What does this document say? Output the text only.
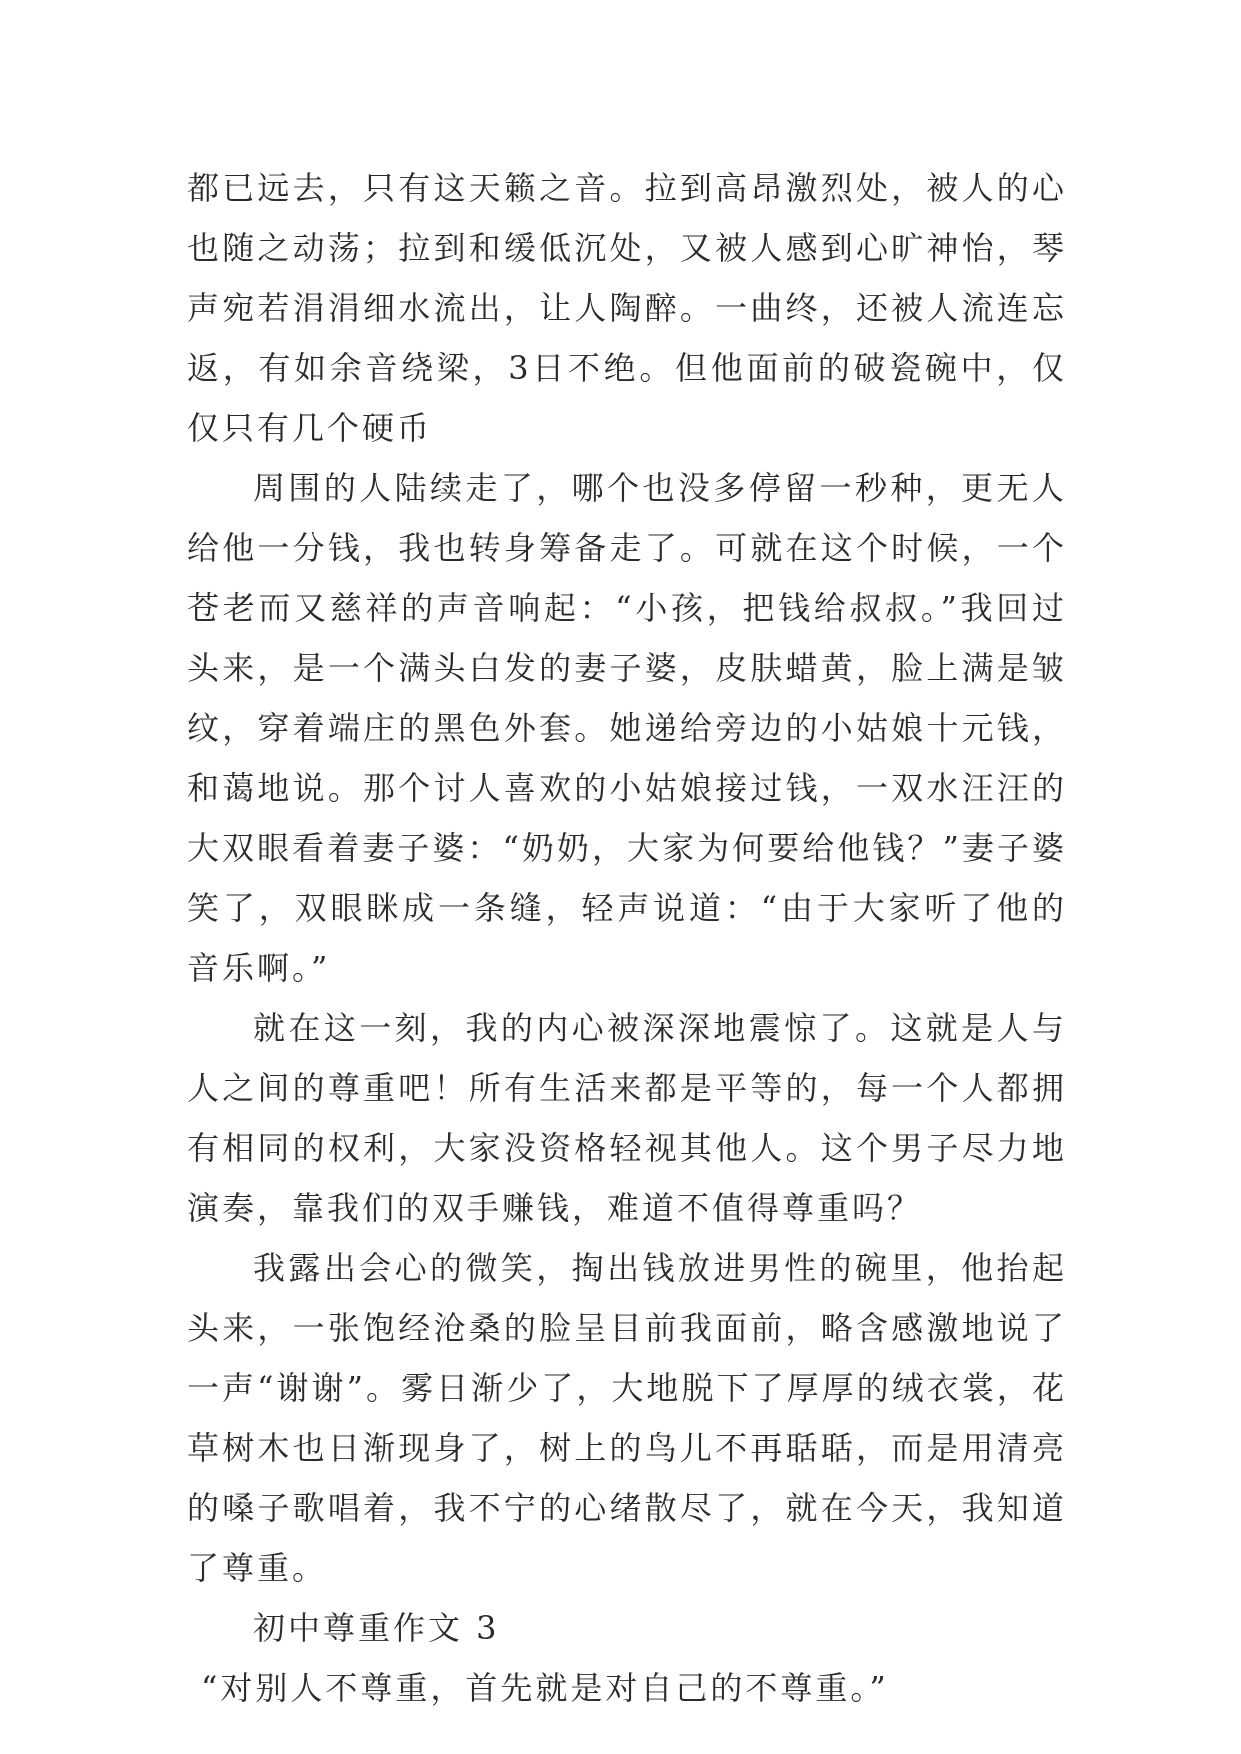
都已远去，只有这天籁之音。拉到高昂激烈处，被人的心也随之动荡；拉到和缓低沉处，又被人感到心旷神怡，琴声宛若涓涓细水流出，让人陶醉。一曲终，还被人流连忘返，有如余音绕梁，3日不绝。但他面前的破瓷碗中，仅仅只有几个硬币

周围的人陆续走了，哪个也没多停留一秒种，更无人给他一分钱，我也转身筹备走了。可就在这个时候，一个苍老而又慈祥的声音响起：“小孩，把钱给叔叔。”我回过头来，是一个满头白发的妻子婆，皮肤蜡黄，脸上满是皱纹，穿着端庄的黑色外套。她递给旁边的小姑娘十元钱，和蔼地说。那个讨人喜欢的小姑娘接过钱，一双水汪汪的大双眼看着妻子婆：“奶奶，大家为何要给他钱？”妻子婆笑了，双眼眯成一条缝，轻声说道：“由于大家听了他的音乐啊。”

就在这一刻，我的内心被深深地震惊了。这就是人与人之间的尊重吧！所有生活来都是平等的，每一个人都拥有相同的权利，大家没资格轻视其他人。这个男子尽力地演奏，靠我们的双手赚钱，难道不值得尊重吗？

我露出会心的微笑，掏出钱放进男性的碗里，他抬起头来，一张饱经沧桑的脸呈目前我面前，略含感激地说了一声“谢谢”。雾日渐少了，大地脱下了厚厚的绒衣裳，花草树木也日渐现身了，树上的鸟儿不再聒聒，而是用清亮的嗓子歌唱着，我不宁的心绪散尽了，就在今天，我知道了尊重。

初中尊重作文 3

“对别人不尊重，首先就是对自己的不尊重。”
